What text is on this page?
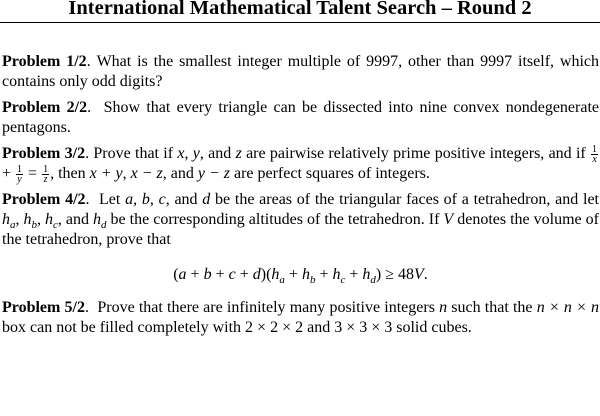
International Mathematical Talent Search – Round 2

Problem 1/2. What is the smallest integer multiple of 9997, other than 9997 itself, which contains only odd digits?

Problem 2/2.  Show that every triangle can be dissected into nine convex nondegenerate pentagons.

Problem 3/2. Prove that if x, y, and z are pairwise relatively prime positive integers, and if $\frac{1}{x}$
+ $\frac{1}{y} = \frac{1}{z}$ , then x + y, x − z, and y − z are perfect squares of integers.

Problem 4/2.  Let a, b, c, and d be the areas of the triangular faces of a tetrahedron, and let $h_a$, $h_b$, $h_c$, and $h_d$ be the corresponding altitudes of the tetrahedron. If V denotes the volume of the tetrahedron, prove that

$(a + b + c + d)(h_a + h_b + h_c + h_d) \ge 48V$.

Problem 5/2.  Prove that there are infinitely many positive integers n such that the n × n × n box can not be filled completely with 2 × 2 × 2 and 3 × 3 × 3 solid cubes.
